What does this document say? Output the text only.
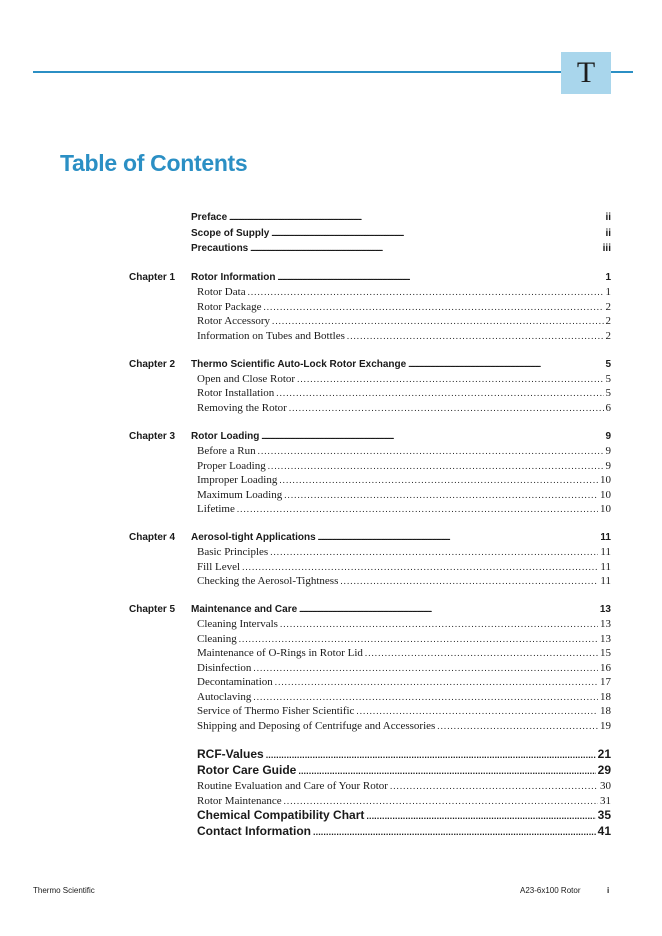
T
Table of Contents
Preface . . .	ii
Scope of Supply . . .	ii
Precautions . . .	iii
Chapter 1 Rotor Information . . .	1
Rotor Data . . .	1
Rotor Package . . .	2
Rotor Accessory . . .	2
Information on Tubes and Bottles . . .	2
Chapter 2 Thermo Scientific Auto-Lock Rotor Exchange . . .	5
Open and Close Rotor . . .	5
Rotor Installation . . .	5
Removing the Rotor . . .	6
Chapter 3 Rotor Loading . . .	9
Before a Run . . .	9
Proper Loading . . .	9
Improper Loading . . .	10
Maximum Loading . . .	10
Lifetime . . .	10
Chapter 4 Aerosol-tight Applications . . .	11
Basic Principles . . .	11
Fill Level . . .	11
Checking the Aerosol-Tightness . . .	11
Chapter 5 Maintenance and Care . . .	13
Cleaning Intervals . . .	13
Cleaning . . .	13
Maintenance of O-Rings in Rotor Lid . . .	15
Disinfection . . .	16
Decontamination . . .	17
Autoclaving . . .	18
Service of Thermo Fisher Scientific . . .	18
Shipping and Deposing of Centrifuge and Accessories . . .	19
RCF-Values . . .	21
Rotor Care Guide . . .	29
Routine Evaluation and Care of Your Rotor . . .	30
Rotor Maintenance . . .	31
Chemical Compatibility Chart . . .	35
Contact Information . . .	41
Thermo Scientific	A23-6x100 Rotor	i
